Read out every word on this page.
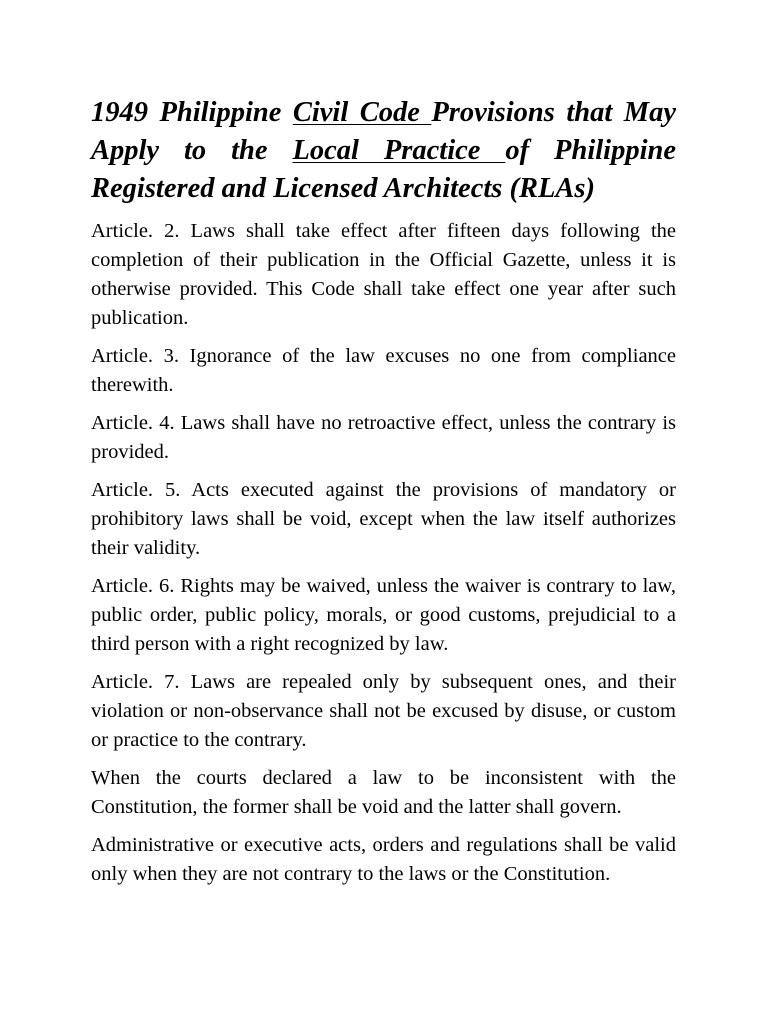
1949 Philippine Civil Code Provisions that May Apply to the Local Practice of Philippine Registered and Licensed Architects (RLAs)

Article. 2. Laws shall take effect after fifteen days following the completion of their publication in the Official Gazette, unless it is otherwise provided. This Code shall take effect one year after such publication.

Article. 3. Ignorance of the law excuses no one from compliance therewith.

Article. 4. Laws shall have no retroactive effect, unless the contrary is provided.

Article. 5. Acts executed against the provisions of mandatory or prohibitory laws shall be void, except when the law itself authorizes their validity.

Article. 6. Rights may be waived, unless the waiver is contrary to law, public order, public policy, morals, or good customs, prejudicial to a third person with a right recognized by law.

Article. 7. Laws are repealed only by subsequent ones, and their violation or non-observance shall not be excused by disuse, or custom or practice to the contrary.

When the courts declared a law to be inconsistent with the Constitution, the former shall be void and the latter shall govern.

Administrative or executive acts, orders and regulations shall be valid only when they are not contrary to the laws or the Constitution.
